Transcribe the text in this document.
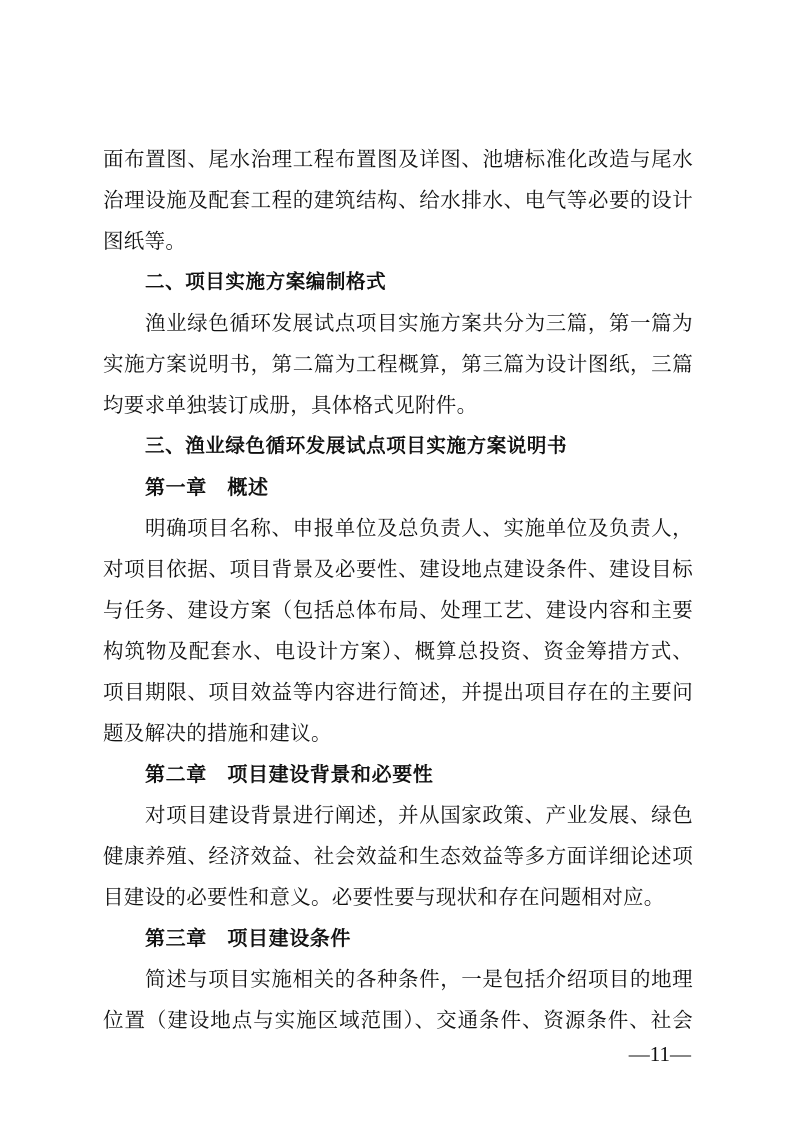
面布置图、尾水治理工程布置图及详图、池塘标准化改造与尾水
治理设施及配套工程的建筑结构、给水排水、电气等必要的设计
图纸等。
二、项目实施方案编制格式
渔业绿色循环发展试点项目实施方案共分为三篇，第一篇为
实施方案说明书，第二篇为工程概算，第三篇为设计图纸，三篇
均要求单独装订成册，具体格式见附件。
三、渔业绿色循环发展试点项目实施方案说明书
第一章　概述
明确项目名称、申报单位及总负责人、实施单位及负责人，
对项目依据、项目背景及必要性、建设地点建设条件、建设目标
与任务、建设方案（包括总体布局、处理工艺、建设内容和主要
构筑物及配套水、电设计方案）、概算总投资、资金筹措方式、
项目期限、项目效益等内容进行简述，并提出项目存在的主要问
题及解决的措施和建议。
第二章　项目建设背景和必要性
对项目建设背景进行阐述，并从国家政策、产业发展、绿色
健康养殖、经济效益、社会效益和生态效益等多方面详细论述项
目建设的必要性和意义。必要性要与现状和存在问题相对应。
第三章　项目建设条件
简述与项目实施相关的各种条件，一是包括介绍项目的地理
位置（建设地点与实施区域范围）、交通条件、资源条件、社会
—11—
